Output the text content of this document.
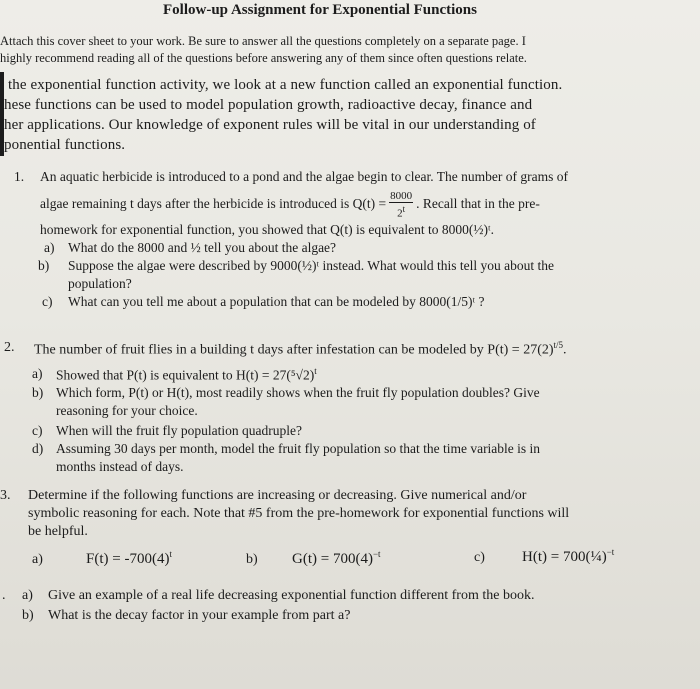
Follow-up Assignment for Exponential Functions
Attach this cover sheet to your work. Be sure to answer all the questions completely on a separate page. I
highly recommend reading all of the questions before answering any of them since often questions relate.
the exponential function activity, we look at a new function called an exponential function.
hese functions can be used to model population growth, radioactive decay, finance and
her applications. Our knowledge of exponent rules will be vital in our understanding of
ponential functions.
1. An aquatic herbicide is introduced to a pond and the algae begin to clear. The number of grams of
algae remaining t days after the herbicide is introduced is $Q(t) = \frac{8000}{2^t}$ . Recall that in the pre-
homework for exponential function, you showed that Q(t) is equivalent to 8000(½)ᵗ.
a) What do the 8000 and ½ tell you about the algae?
b) Suppose the algae were described by 9000(½)ᵗ instead. What would this tell you about the
population?
c) What can you tell me about a population that can be modeled by 8000(1/5)ᵗ ?
2. The number of fruit flies in a building t days after infestation can be modeled by $P(t) = 27(2)^{t/5}$.
a) Showed that P(t) is equivalent to $H(t) = 27(^5√2)^t$
b) Which form, P(t) or H(t), most readily shows when the fruit fly population doubles? Give
reasoning for your choice.
c) When will the fruit fly population quadruple?
d) Assuming 30 days per month, model the fruit fly population so that the time variable is in
months instead of days.
3. Determine if the following functions are increasing or decreasing. Give numerical and/or
symbolic reasoning for each. Note that #5 from the pre-homework for exponential functions will
be helpful.
a)	$F(t) = -700(4)^t$	b) $G(t) = 700(4)^{-t}$	c) H(t) = 700(¼)$^{-t}$
. a) Give an example of a real life decreasing exponential function different from the book.
b) What is the decay factor in your example from part a?
